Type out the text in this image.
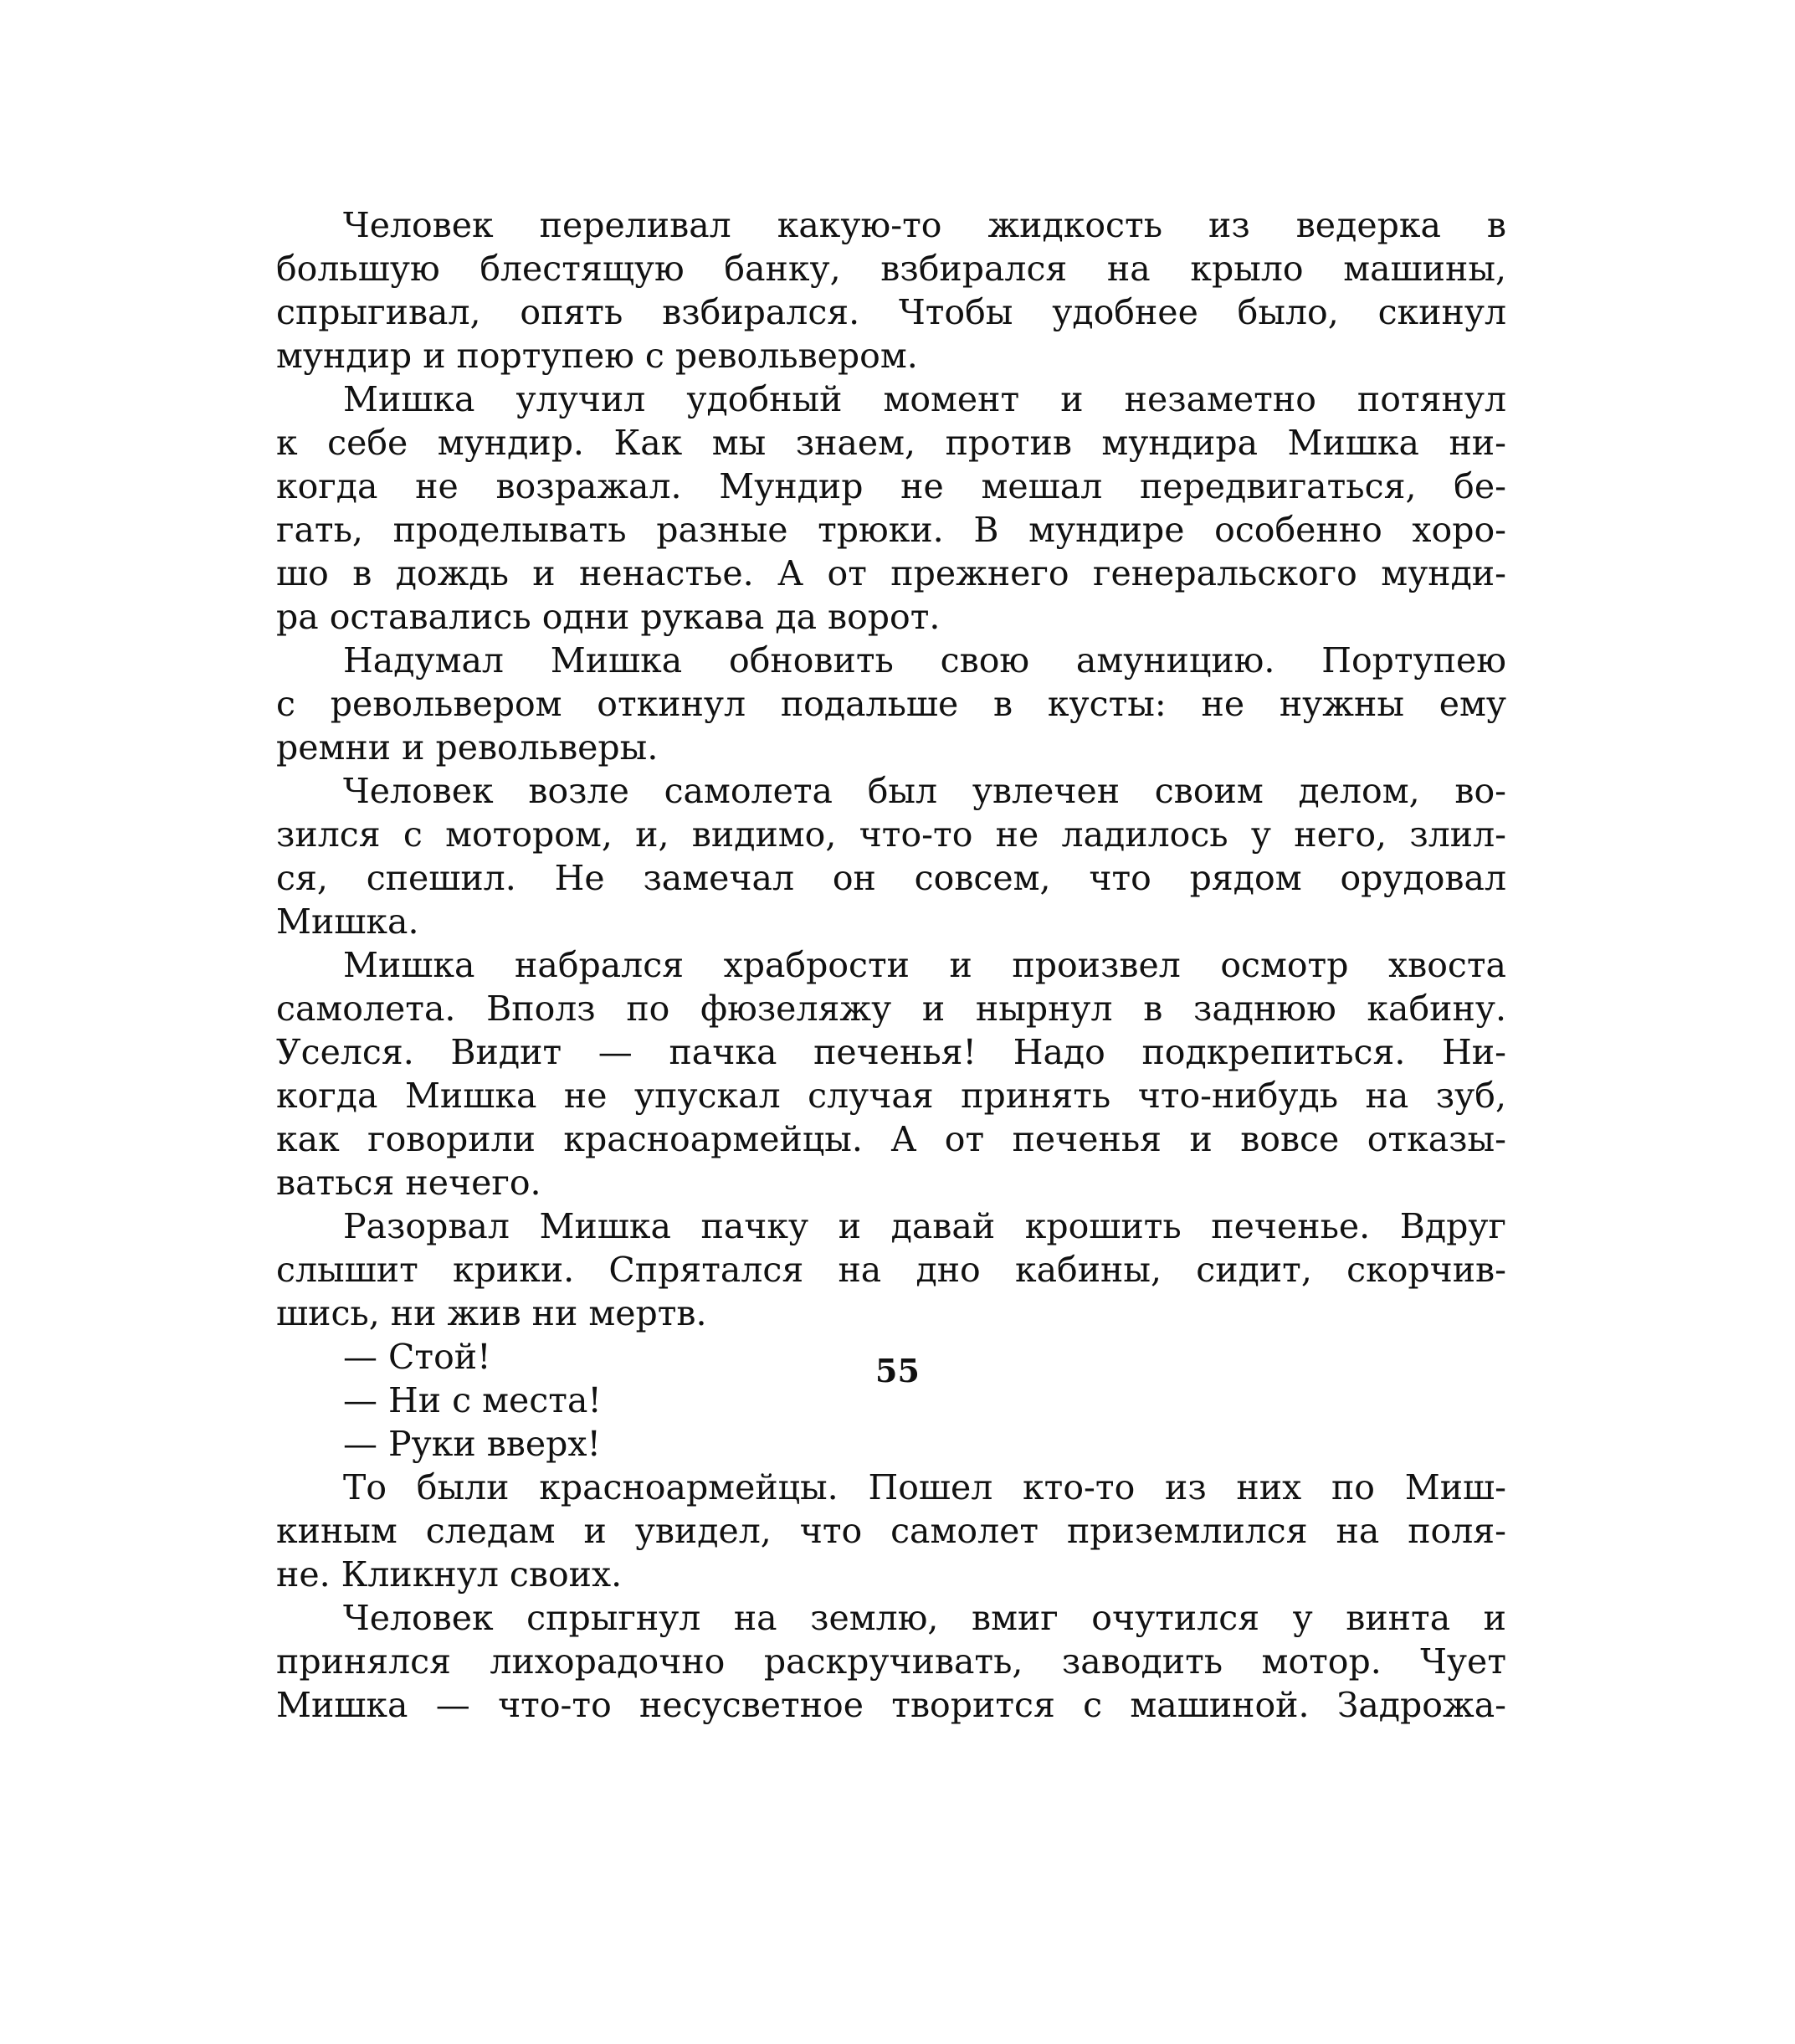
Человек переливал какую-то жидкость из ведерка в
большую блестящую банку, взбирался на крыло машины,
спрыгивал, опять взбирался. Чтобы удобнее было, скинул
мундир и портупею с револьвером.
Мишка улучил удобный момент и незаметно потянул
к себе мундир. Как мы знаем, против мундира Мишка ни-
когда не возражал. Мундир не мешал передвигаться, бе-
гать, проделывать разные трюки. В мундире особенно хоро-
шо в дождь и ненастье. А от прежнего генеральского мунди-
ра оставались одни рукава да ворот.
Надумал Мишка обновить свою амуницию. Портупею
с револьвером откинул подальше в кусты: не нужны ему
ремни и револьверы.
Человек возле самолета был увлечен своим делом, во-
зился с мотором, и, видимо, что-то не ладилось у него, злил-
ся, спешил. Не замечал он совсем, что рядом орудовал
Мишка.
Мишка набрался храбрости и произвел осмотр хвоста
самолета. Вполз по фюзеляжу и нырнул в заднюю кабину.
Уселся. Видит — пачка печенья! Надо подкрепиться. Ни-
когда Мишка не упускал случая принять что-нибудь на зуб,
как говорили красноармейцы. А от печенья и вовсе отказы-
ваться нечего.
Разорвал Мишка пачку и давай крошить печенье. Вдруг
слышит крики. Спрятался на дно кабины, сидит, скорчив-
шись, ни жив ни мертв.
— Стой!
— Ни с места!
— Руки вверх!
То были красноармейцы. Пошел кто-то из них по Миш-
киным следам и увидел, что самолет приземлился на поля-
не. Кликнул своих.
Человек спрыгнул на землю, вмиг очутился у винта и
принялся лихорадочно раскручивать, заводить мотор. Чует
Мишка — что-то несусветное творится с машиной. Задрожа-
55
